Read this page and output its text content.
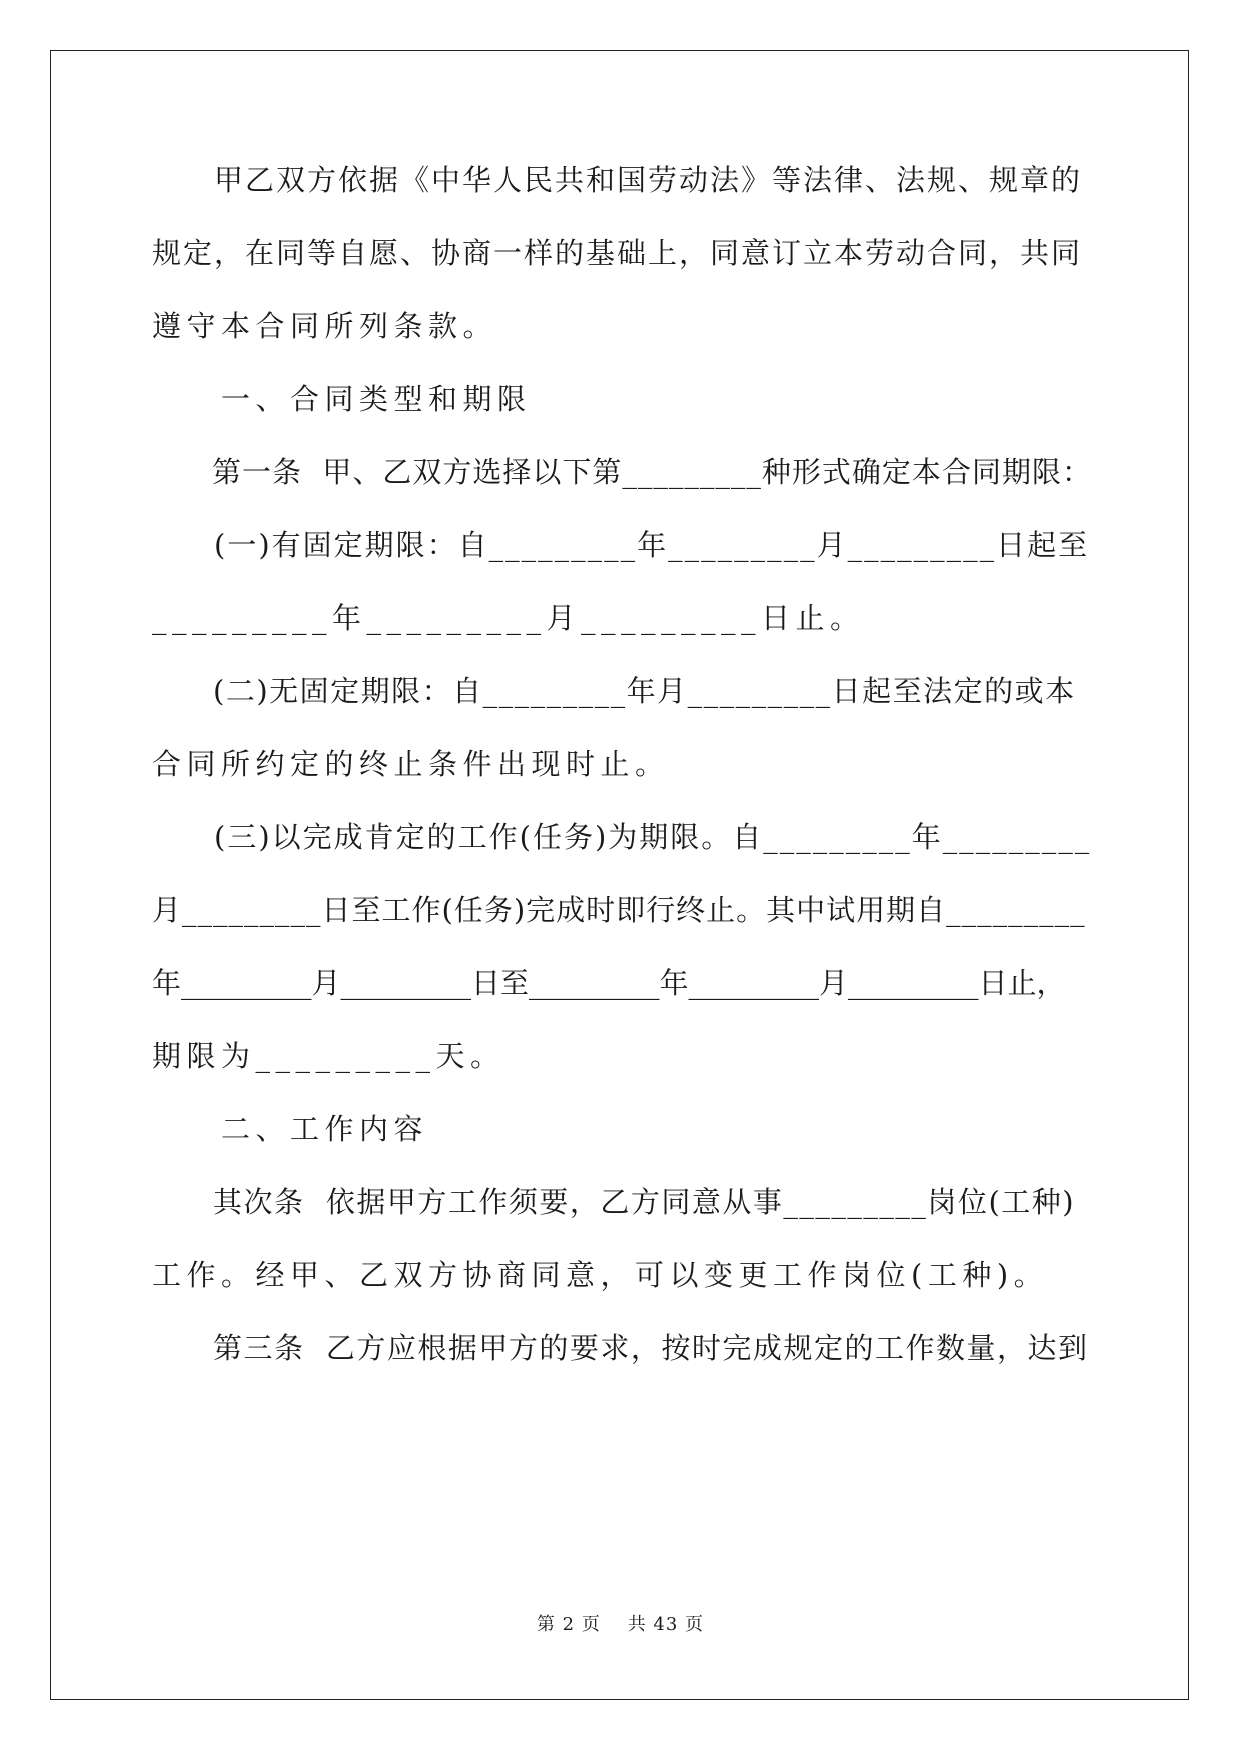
　　甲乙双方依据《中华人民共和国劳动法》等法律、法规、规章的
规定，在同等自愿、协商一样的基础上，同意订立本劳动合同，共同
遵守本合同所列条款。
　　一、合同类型和期限
　　第一条  甲、乙双方选择以下第_________种形式确定本合同期限：
　　(一)有固定期限：自_________年_________月_________日起至
_________年_________月_________日止。
　　(二)无固定期限：自_________年月_________日起至法定的或本
合同所约定的终止条件出现时止。
　　(三)以完成肯定的工作(任务)为期限。自_________年_________
月_________日至工作(任务)完成时即行终止。其中试用期自_________
年_________月_________日至_________年_________月_________日止，
期限为_________天。
　　二、工作内容
　　其次条  依据甲方工作须要，乙方同意从事_________岗位(工种)
工作。经甲、乙双方协商同意，可以变更工作岗位(工种)。
　　第三条  乙方应根据甲方的要求，按时完成规定的工作数量，达到
第 2 页    共 43 页
